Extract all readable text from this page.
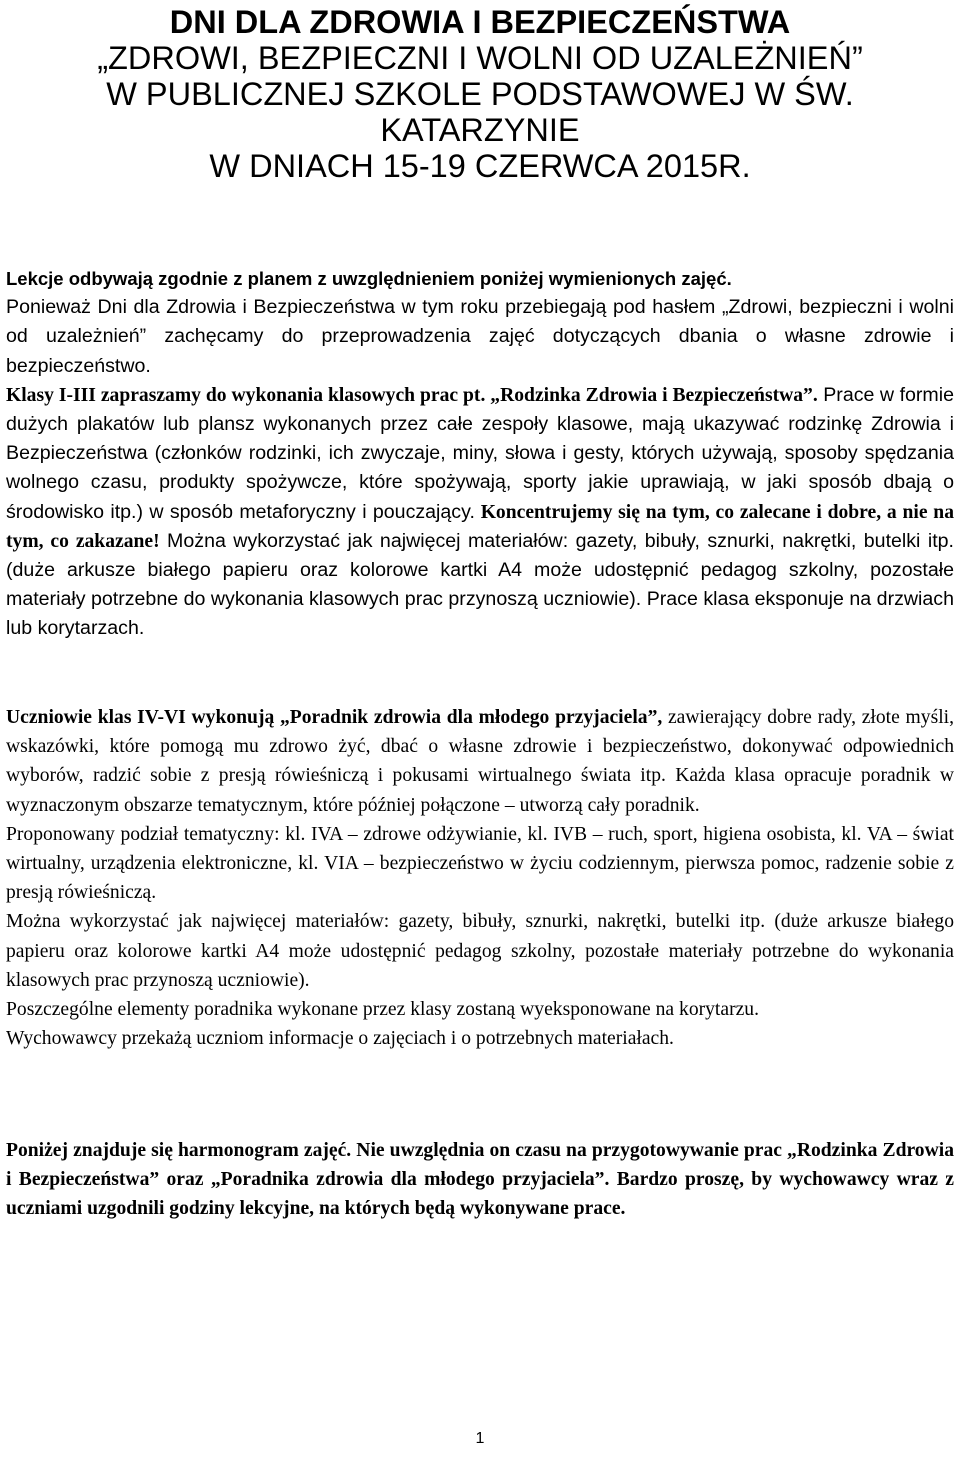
DNI DLA ZDROWIA I BEZPIECZEŃSTWA
„ZDROWI, BEZPIECZNI I WOLNI OD UZALEŻNIEŃ”
W PUBLICZNEJ SZKOLE PODSTAWOWEJ W ŚW.
KATARZYNIE
W DNIACH 15-19 CZERWCA 2015R.

Lekcje odbywają zgodnie z planem z uwzględnieniem poniżej wymienionych zajęć.

Ponieważ Dni dla Zdrowia i Bezpieczeństwa w tym roku przebiegają pod hasłem „Zdrowi, bezpieczni i wolni od uzależnień” zachęcamy do przeprowadzenia zajęć dotyczących dbania o własne zdrowie i bezpieczeństwo.

Klasy I-III zapraszamy do wykonania klasowych prac pt. „Rodzinka Zdrowia i Bezpieczeństwa”. Prace w formie dużych plakatów lub plansz wykonanych przez całe zespoły klasowe, mają ukazywać rodzinkę Zdrowia i Bezpieczeństwa (członków rodzinki, ich zwyczaje, miny, słowa i gesty, których używają, sposoby spędzania wolnego czasu, produkty spożywcze, które spożywają, sporty jakie uprawiają, w jaki sposób dbają o środowisko itp.) w sposób metaforyczny i pouczający. Koncentrujemy się na tym, co zalecane i dobre, a nie na tym, co zakazane! Można wykorzystać jak najwięcej materiałów: gazety, bibuły, sznurki, nakrętki, butelki itp. (duże arkusze białego papieru oraz kolorowe kartki A4 może udostępnić pedagog szkolny, pozostałe materiały potrzebne do wykonania klasowych prac przynoszą uczniowie). Prace klasa eksponuje na drzwiach lub korytarzach.

Uczniowie klas IV-VI wykonują „Poradnik zdrowia dla młodego przyjaciela”, zawierający dobre rady, złote myśli, wskazówki, które pomogą mu zdrowo żyć, dbać o własne zdrowie i bezpieczeństwo, dokonywać odpowiednich wyborów, radzić sobie z presją rówieśniczą i pokusami wirtualnego świata itp. Każda klasa opracuje poradnik w wyznaczonym obszarze tematycznym, które później połączone – utworzą cały poradnik.

Proponowany podział tematyczny: kl. IVA – zdrowe odżywianie, kl. IVB – ruch, sport, higiena osobista, kl. VA – świat wirtualny, urządzenia elektroniczne, kl. VIA – bezpieczeństwo w życiu codziennym, pierwsza pomoc, radzenie sobie z presją rówieśniczą.

Można wykorzystać jak najwięcej materiałów: gazety, bibuły, sznurki, nakrętki, butelki itp. (duże arkusze białego papieru oraz kolorowe kartki A4 może udostępnić pedagog szkolny, pozostałe materiały potrzebne do wykonania klasowych prac przynoszą uczniowie).

Poszczególne elementy poradnika wykonane przez klasy zostaną wyeksponowane na korytarzu.

Wychowawcy przekażą uczniom informacje o zajęciach i o potrzebnych materiałach.

Poniżej znajduje się harmonogram zajęć. Nie uwzględnia on czasu na przygotowywanie prac „Rodzinka Zdrowia i Bezpieczeństwa” oraz „Poradnika zdrowia dla młodego przyjaciela”. Bardzo proszę, by wychowawcy wraz z uczniami uzgodnili godziny lekcyjne, na których będą wykonywane prace.

1
